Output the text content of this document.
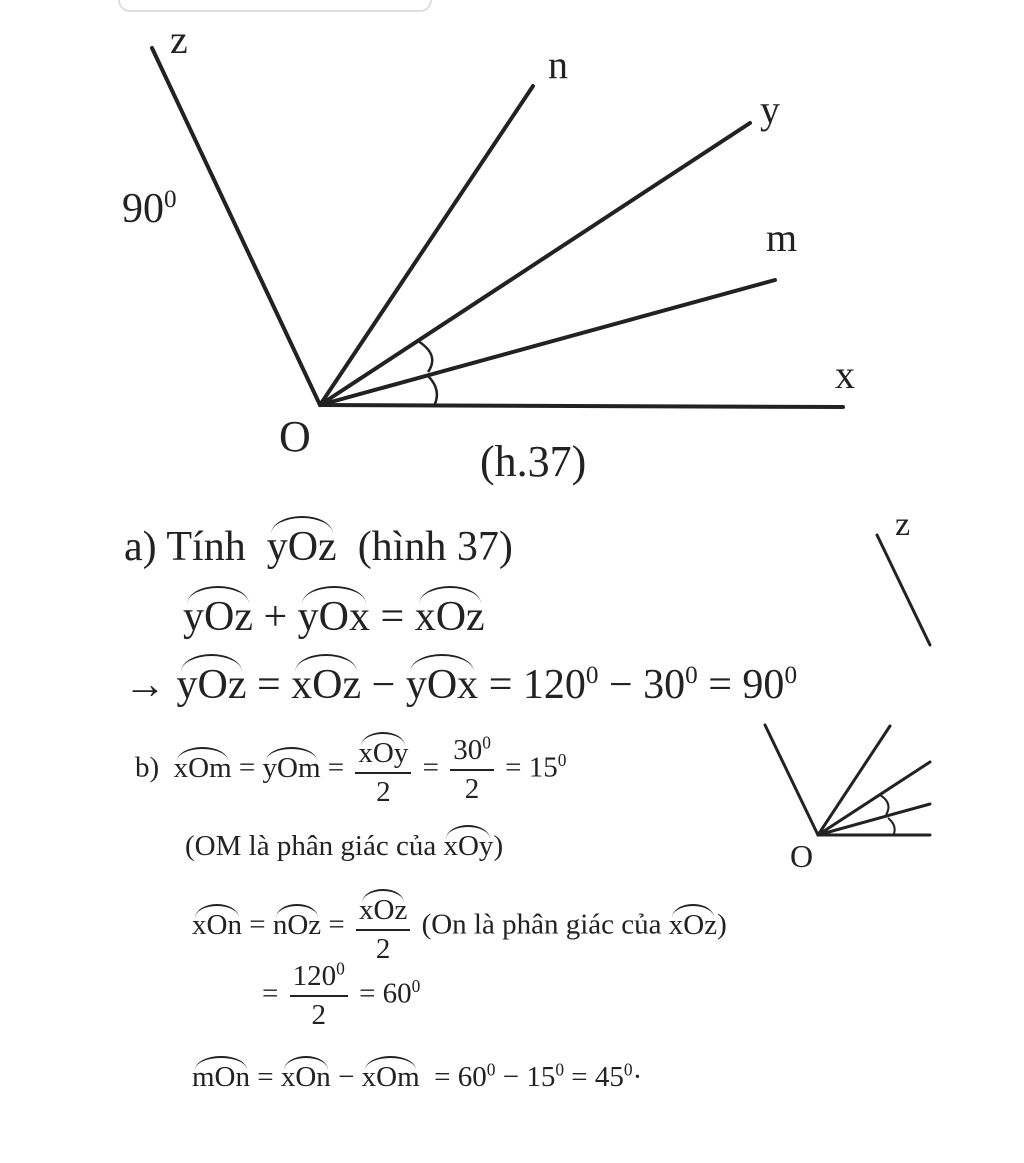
z
n
y
m
x
O
$90^0$
(h.37)
a) Tính yOz (hình 37)
yOz + yOx = xOz
→ yOz = xOz − yOx = $120^0 - 30^0 = 90^0$
z
O
b) xOm = yOm = $\frac{\text{xOy}}{2} = \frac{30^0}{2} = 15^0$
(OM là phân giác của xOy)
xOn = nOz = $\frac{\text{xOz}}{2} (On$ là phân giác của xOz)
= $\frac{120^0}{2} = 60^0$
mOn = xOn − xOm = $60^0 - 15^0 = 45^0\cdot$
